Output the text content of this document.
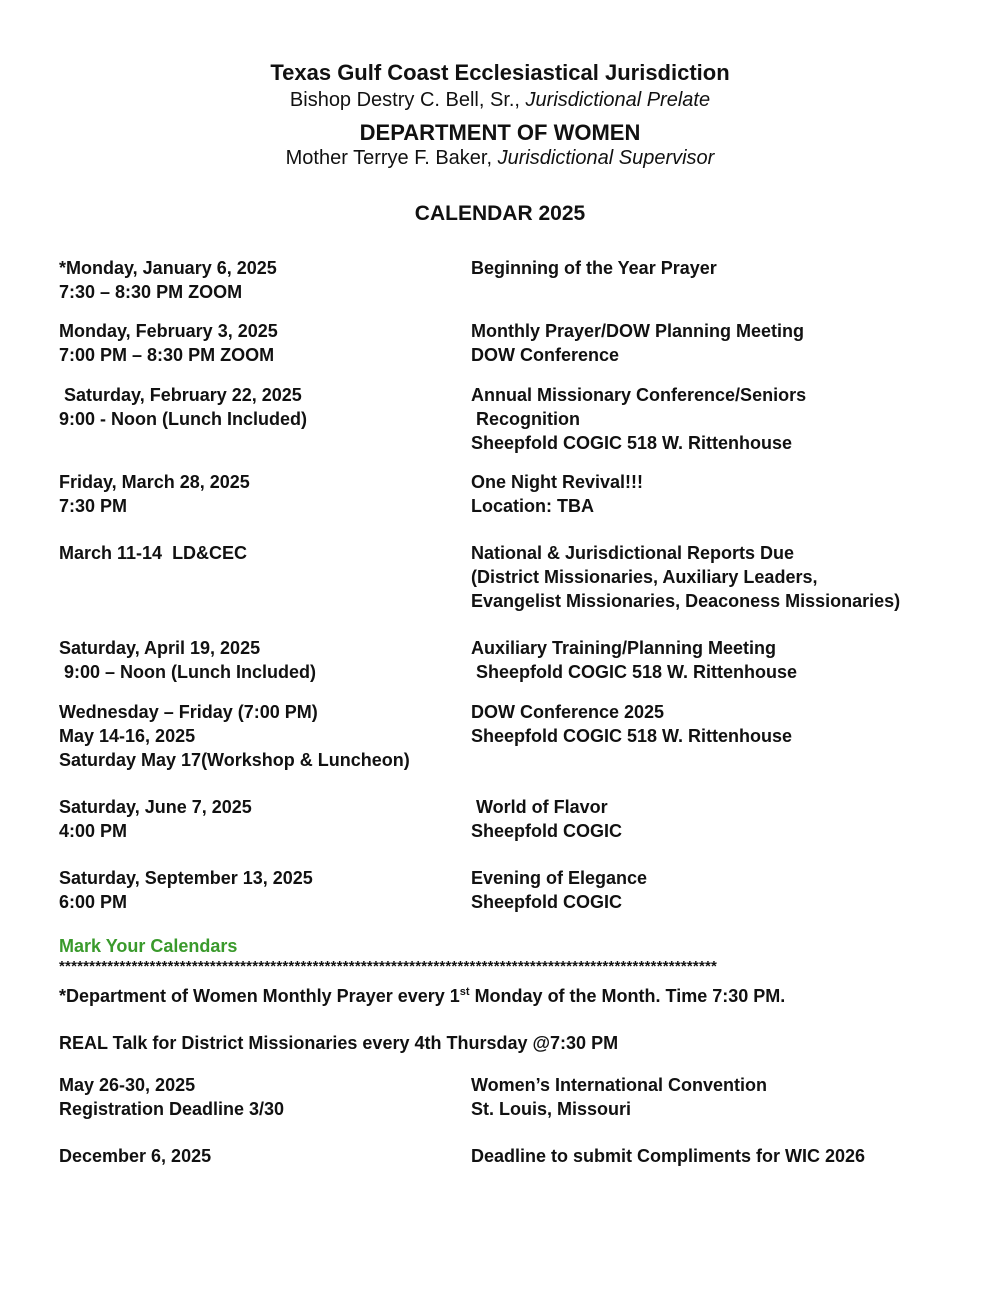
Texas Gulf Coast Ecclesiastical Jurisdiction
Bishop Destry C. Bell, Sr., Jurisdictional Prelate
DEPARTMENT OF WOMEN
Mother Terrye F. Baker, Jurisdictional Supervisor
CALENDAR 2025
*Monday, January 6, 2025
7:30 – 8:30 PM ZOOM
Beginning of the Year Prayer
Monday, February 3, 2025
7:00 PM – 8:30 PM ZOOM
Monthly Prayer/DOW Planning Meeting
DOW Conference
Saturday, February 22, 2025
9:00 - Noon (Lunch Included)
Annual Missionary Conference/Seniors
Recognition
Sheepfold COGIC 518 W. Rittenhouse
Friday, March 28, 2025
7:30 PM
One Night Revival!!!
Location: TBA
March 11-14  LD&CEC	National & Jurisdictional Reports Due
(District Missionaries, Auxiliary Leaders,
Evangelist Missionaries, Deaconess Missionaries)
Saturday, April 19, 2025
9:00 – Noon (Lunch Included)
Auxiliary Training/Planning Meeting
Sheepfold COGIC 518 W. Rittenhouse
Wednesday – Friday (7:00 PM)
May 14-16, 2025
Saturday May 17(Workshop & Luncheon)
DOW Conference 2025
Sheepfold COGIC 518 W. Rittenhouse
Saturday, June 7, 2025
4:00 PM
World of Flavor
Sheepfold COGIC
Saturday, September 13, 2025
6:00 PM
Evening of Elegance
Sheepfold COGIC
Mark Your Calendars
*************************************************************************************************************
*Department of Women Monthly Prayer every 1st Monday of the Month. Time 7:30 PM.
REAL Talk for District Missionaries every 4th Thursday @7:30 PM
May 26-30, 2025
Registration Deadline 3/30
Women’s International Convention
St. Louis, Missouri
December 6, 2025	Deadline to submit Compliments for WIC 2026
